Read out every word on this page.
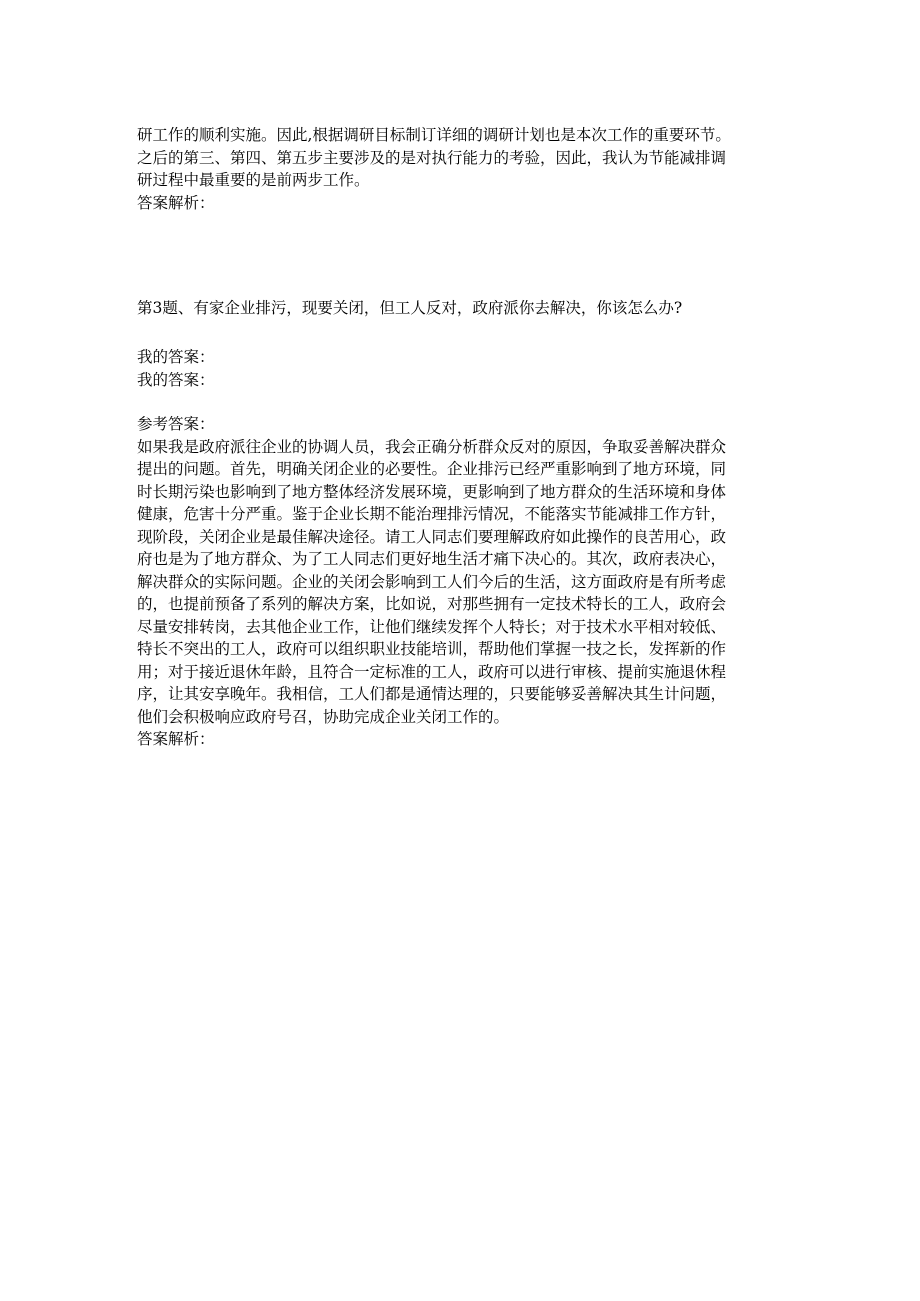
研工作的顺利实施。因此,根据调研目标制订详细的调研计划也是本次工作的重要环节。
之后的第三、第四、第五步主要涉及的是对执行能力的考验，因此，我认为节能减排调
研过程中最重要的是前两步工作。
答案解析：
第3题、有家企业排污，现要关闭，但工人反对，政府派你去解决，你该怎么办?
我的答案：
我的答案：
参考答案：
如果我是政府派往企业的协调人员，我会正确分析群众反对的原因，争取妥善解决群众
提出的问题。首先，明确关闭企业的必要性。企业排污已经严重影响到了地方环境，同
时长期污染也影响到了地方整体经济发展环境，更影响到了地方群众的生活环境和身体
健康，危害十分严重。鉴于企业长期不能治理排污情况，不能落实节能减排工作方针，
现阶段，关闭企业是最佳解决途径。请工人同志们要理解政府如此操作的良苦用心，政
府也是为了地方群众、为了工人同志们更好地生活才痛下决心的。其次，政府表决心，
解决群众的实际问题。企业的关闭会影响到工人们今后的生活，这方面政府是有所考虑
的，也提前预备了系列的解决方案，比如说，对那些拥有一定技术特长的工人，政府会
尽量安排转岗，去其他企业工作，让他们继续发挥个人特长；对于技术水平相对较低、
特长不突出的工人，政府可以组织职业技能培训，帮助他们掌握一技之长，发挥新的作
用；对于接近退休年龄，且符合一定标准的工人，政府可以进行审核、提前实施退休程
序，让其安享晚年。我相信，工人们都是通情达理的，只要能够妥善解决其生计问题，
他们会积极响应政府号召，协助完成企业关闭工作的。
答案解析：
